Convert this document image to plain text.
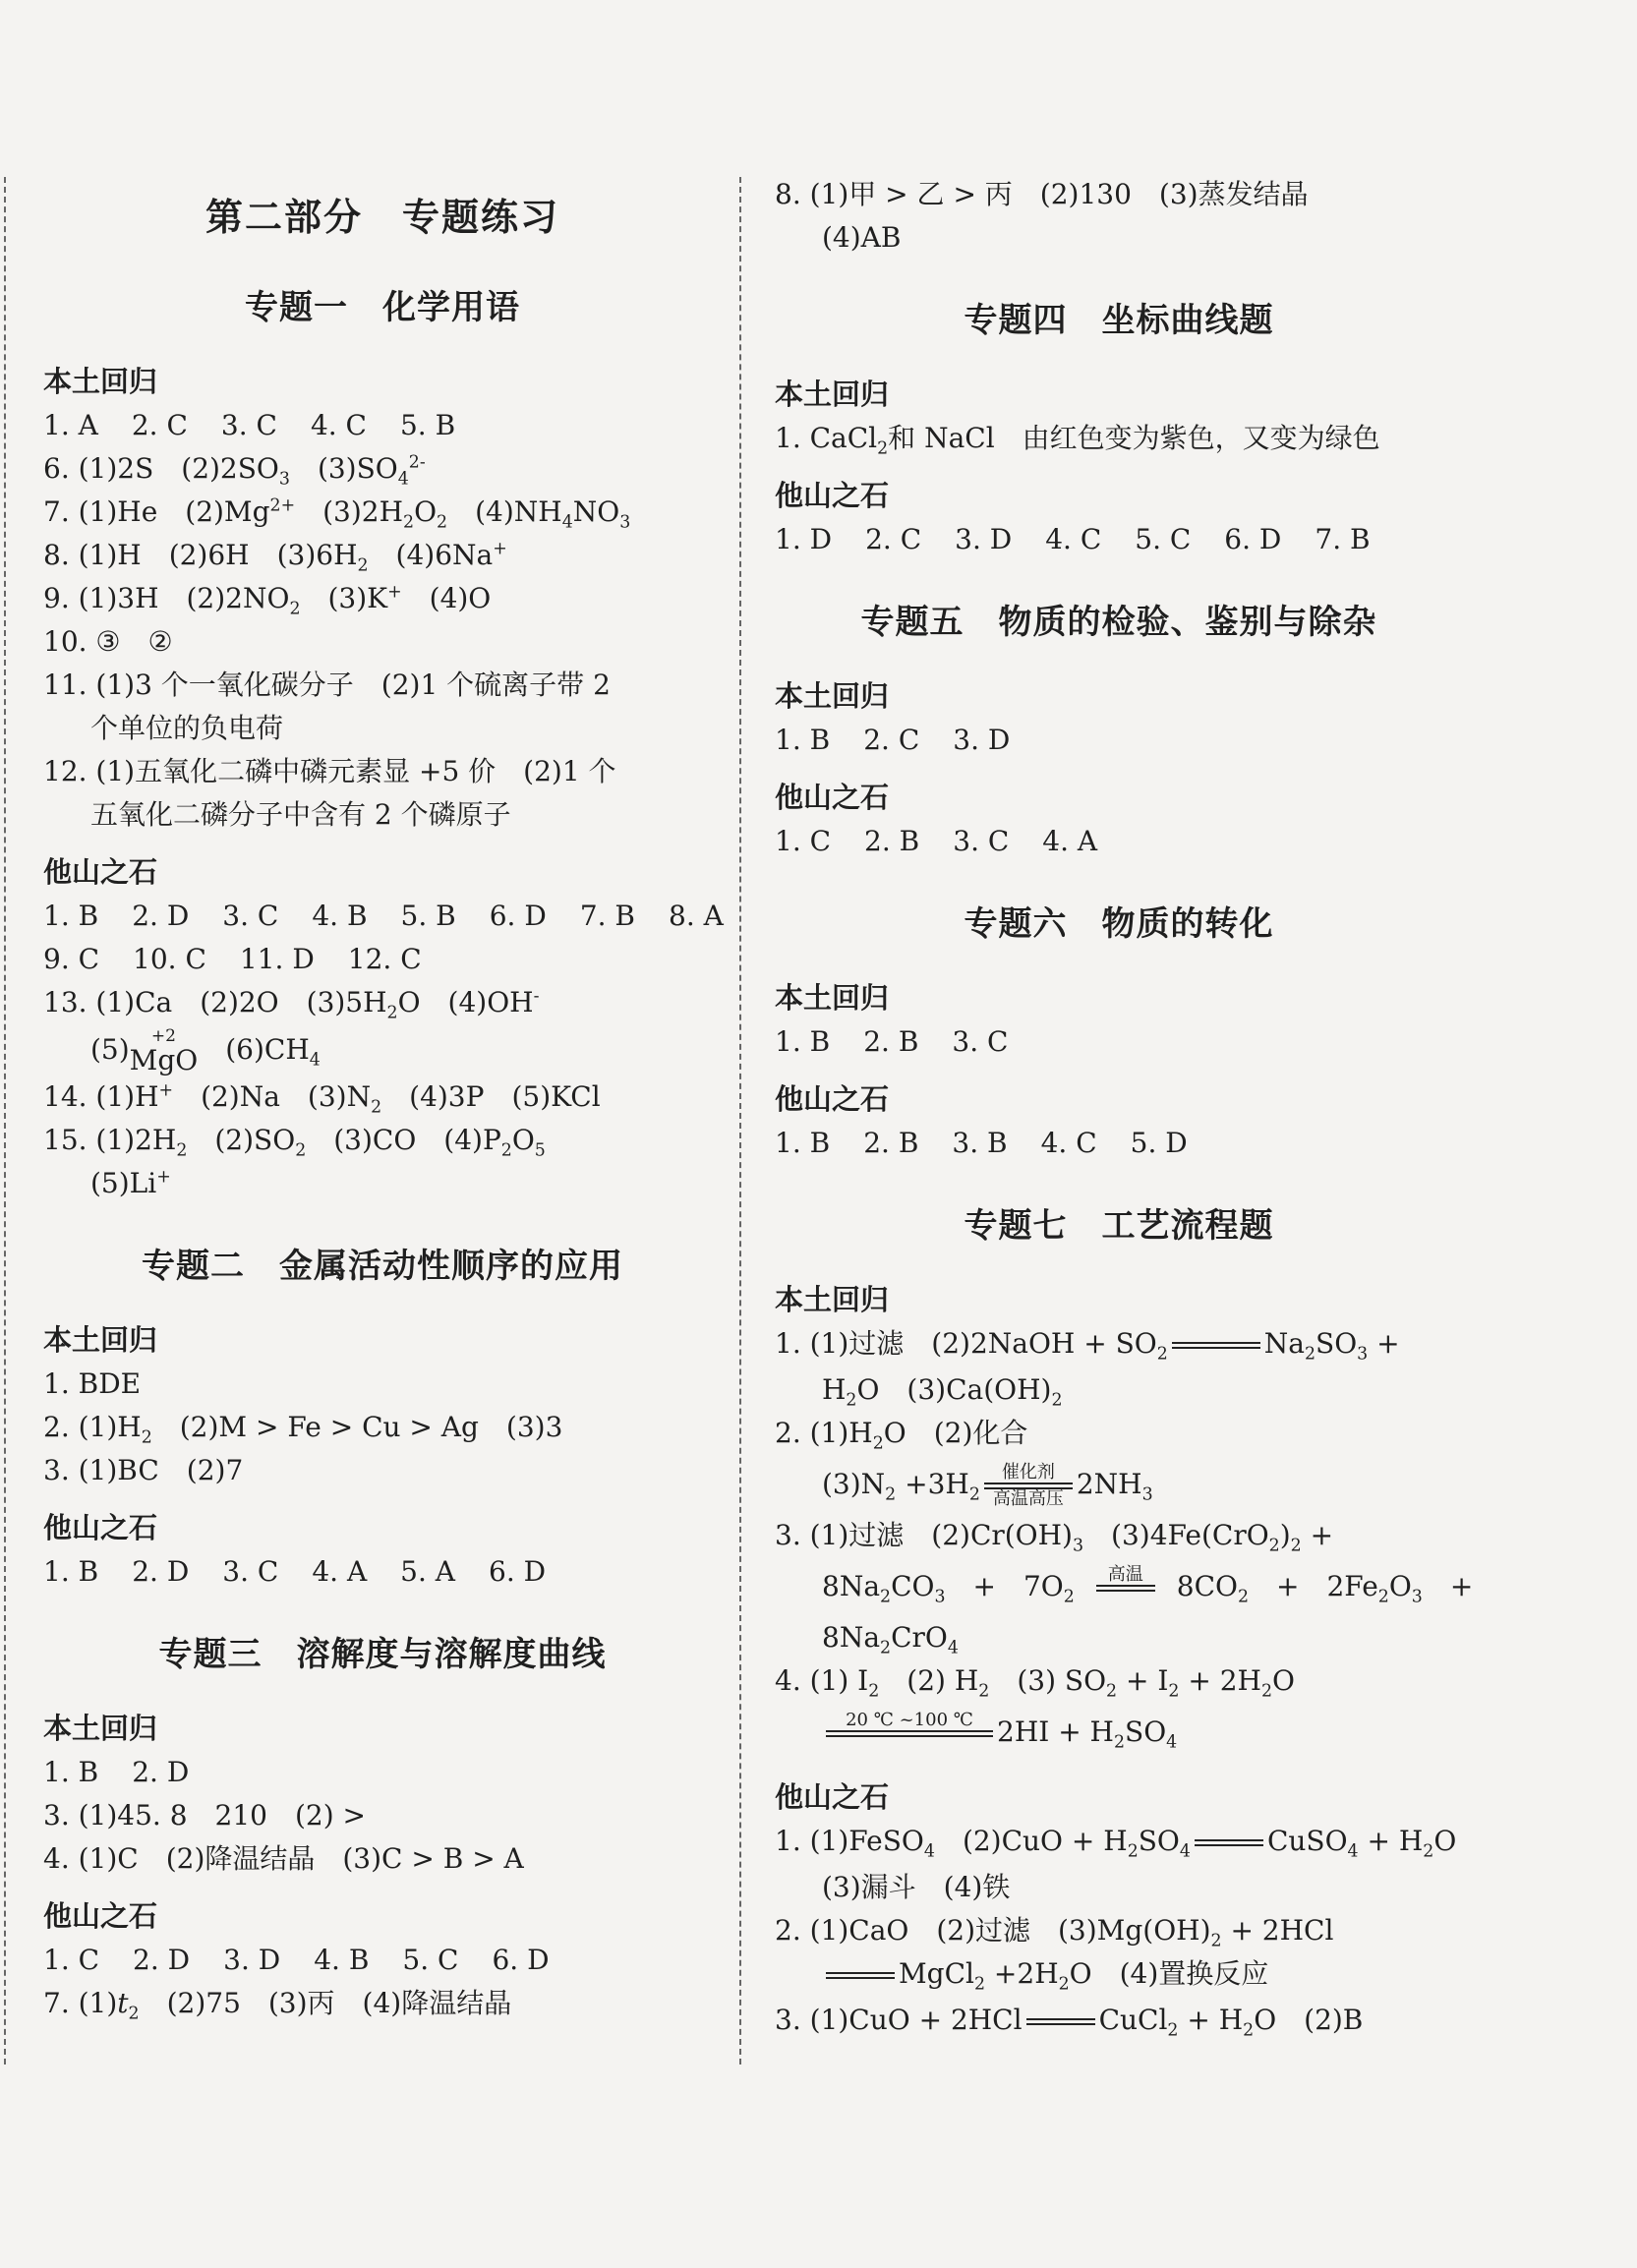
第二部分　专题练习
专题一　化学用语
本土回归
1. A 2. C 3. C 4. C 5. B
6. (1)2S　$(2)2SO_3$　$(3)SO_4^{2-}$
7. (1)He　$(2)Mg^{2+}$　$(3)2H_2O_2$　$(4)NH_4NO_3$
8. (1)H　(2)6H　$(3)6H_2$　(4)6Na+
9. (1)3H　$(2)2NO_2$　(3)K+　(4)O
10. ③　②
11. (1)3 个一氧化碳分子　(2)1 个硫离子带 2
个单位的负电荷
12. (1)五氧化二磷中磷元素显 +5 价　(2)1 个
五氧化二磷分子中含有 2 个磷原子
他山之石
1. B 2. D 3. C 4. B 5. B 6. D 7. B 8. A
9. C 10. C 11. D 12. C
13. (1)Ca　(2)2O　$(3)5H_2O$　(4)OH-
(5) +2
MgO 　$(6)CH_4$
14. (1)H+　(2)Na　$(3)N_2$　(4)3P　(5)KCl
15. $(1)2H_2$　$(2)SO_2$　(3)CO　$(4)P_2O_5$
(5)Li+
专题二　金属活动性顺序的应用
本土回归
1. BDE
2. $(1)H_2$　(2)M > Fe > Cu > Ag　(3)3
3. (1)BC　(2)7
他山之石
1. B 2. D 3. C 4. A 5. A 6. D
专题三　溶解度与溶解度曲线
本土回归
1. B 2. D
3. (1)45. 8　210　(2) >
4. (1)C　(2)降温结晶　(3)C > B > A
他山之石
1. C 2. D 3. D 4. B 5. C 6. D
7. $(1)t_2$　(2)75　(3)丙　(4)降温结晶
8. (1)甲 > 乙 > 丙　(2)130　(3)蒸发结晶
(4)AB
专题四　坐标曲线题
本土回归
1. CaCl$_2$和 NaCl　由红色变为紫色，又变为绿色
他山之石
1. D 2. C 3. D 4. C 5. C 6. D 7. B
专题五　物质的检验、鉴别与除杂
本土回归
1. B 2. C 3. D
他山之石
1. C 2. B 3. C 4. A
专题六　物质的转化
本土回归
1. B 2. B 3. C
他山之石
1. B 2. B 3. B 4. C 5. D
专题七　工艺流程题
本土回归
1. (1)过滤　(2)2NaOH + $SO_2$	$Na_2SO_3$ +
$H_2O$　$(3)Ca(OH)_2$
2. $(1)H_2O$　(2)化合
$(3)N_2 +3H_2$
催化剂
高温高压 $2NH_3$
3. (1)过滤　$(2)Cr(OH)_3$　$(3)4Fe(CrO_2)_2$ +
$8Na_2CO_3$　+　$7O_2$
高温 $8CO_2$　+　$2Fe_2O_3$　+
$8Na_2CrO_4$
4. (1) $I_2$　(2) $H_2$　(3) $SO_2 + I_2 + 2H_2O$
20 ℃ ~100 ℃ $2HI + H_2SO_4$
他山之石
1. (1)FeSO$_4$　$(2)CuO + H_2SO_4$	CuSO$_4$ + $H_2O$
(3)漏斗　(4)铁
2. (1)CaO　(2)过滤　$(3)Mg(OH)_2 + 2HCl$
MgCl$_2$ $+2H_2O$　(4)置换反应
3. (1)CuO + 2HCl	CuCl$_2$ + $H_2O$　(2)B
